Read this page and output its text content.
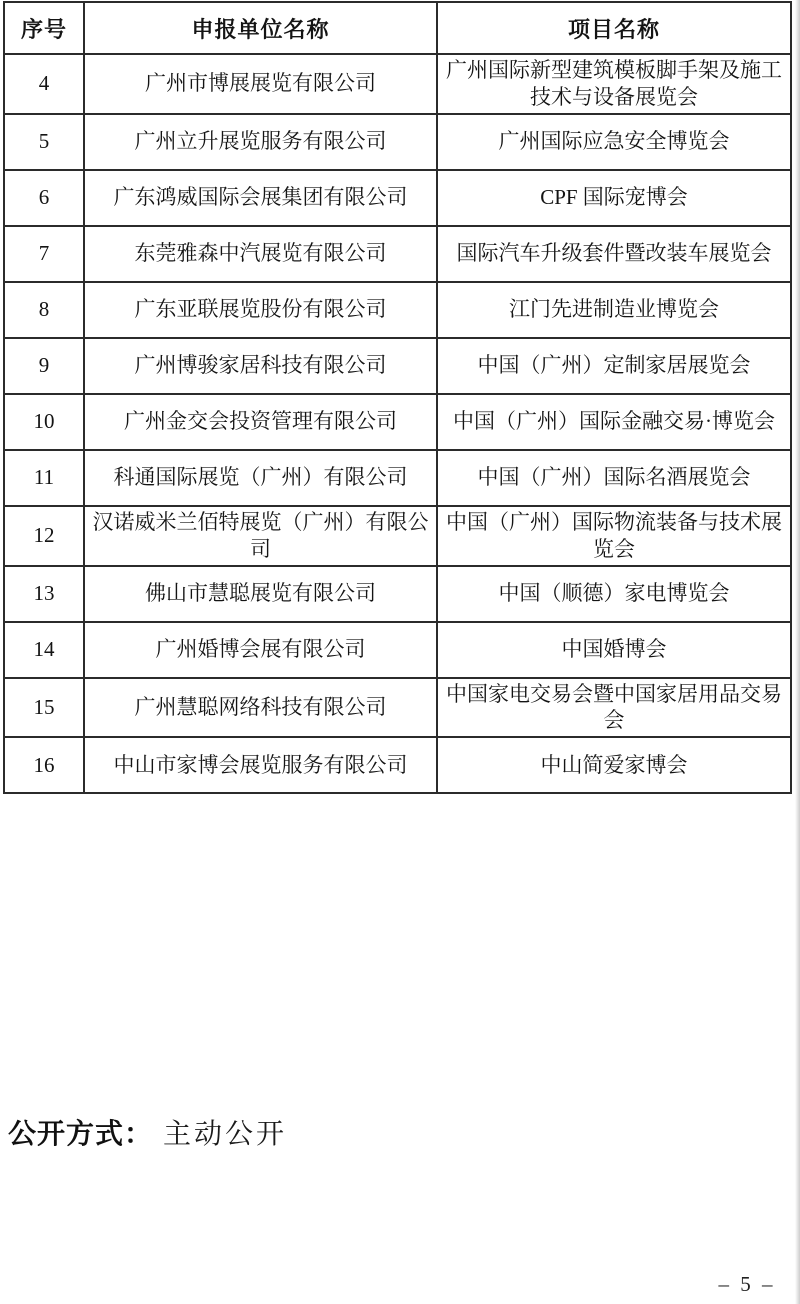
序号	申报单位名称	项目名称
4	广州市博展展览有限公司	广州国际新型建筑模板脚手架及施工技术与设备展览会
5	广州立升展览服务有限公司	广州国际应急安全博览会
6	广东鸿威国际会展集团有限公司	CPF 国际宠博会
7	东莞雅森中汽展览有限公司	国际汽车升级套件暨改装车展览会
8	广东亚联展览股份有限公司	江门先进制造业博览会
9	广州博骏家居科技有限公司	中国（广州）定制家居展览会
10	广州金交会投资管理有限公司	中国（广州）国际金融交易·博览会
11	科通国际展览（广州）有限公司	中国（广州）国际名酒展览会
12	汉诺威米兰佰特展览（广州）有限公司	中国（广州）国际物流装备与技术展览会
13	佛山市慧聪展览有限公司	中国（顺德）家电博览会
14	广州婚博会展有限公司	中国婚博会
15	广州慧聪网络科技有限公司	中国家电交易会暨中国家居用品交易会
16	中山市家博会展览服务有限公司	中山简爱家博会
公开方式： 主动公开
– 5 –
